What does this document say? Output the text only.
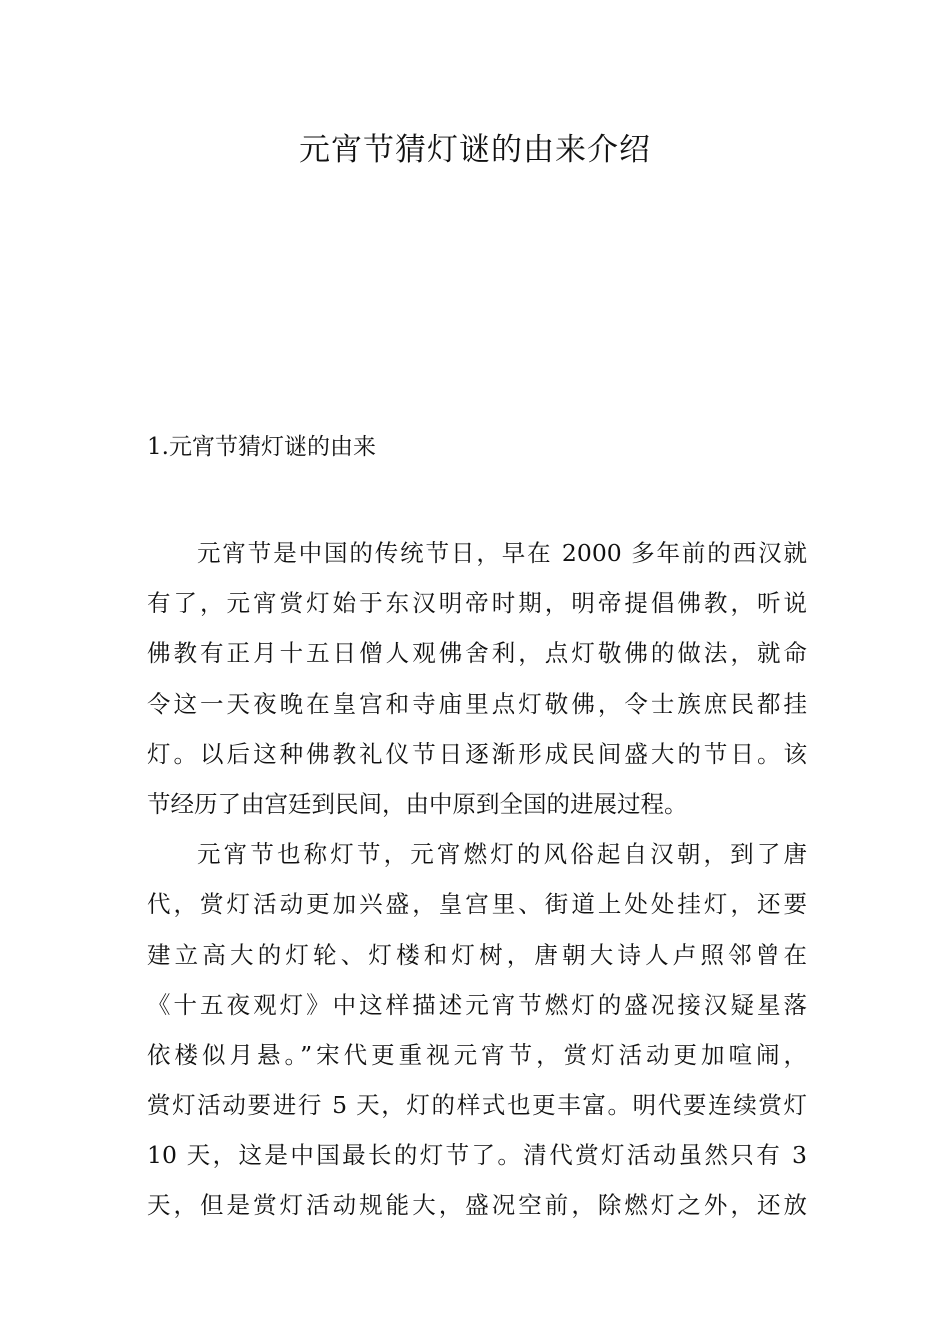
元宵节猜灯谜的由来介绍
1.元宵节猜灯谜的由来
元宵节是中国的传统节日，早在 2000 多年前的西汉就
有了，元宵赏灯始于东汉明帝时期，明帝提倡佛教，听说
佛教有正月十五日僧人观佛舍利，点灯敬佛的做法，就命
令这一天夜晚在皇宫和寺庙里点灯敬佛，令士族庶民都挂
灯。以后这种佛教礼仪节日逐渐形成民间盛大的节日。该
节经历了由宫廷到民间，由中原到全国的进展过程。
元宵节也称灯节，元宵燃灯的风俗起自汉朝，到了唐
代，赏灯活动更加兴盛，皇宫里、街道上处处挂灯，还要
建立高大的灯轮、灯楼和灯树，唐朝大诗人卢照邻曾在
《十五夜观灯》中这样描述元宵节燃灯的盛况接汉疑星落
依楼似月悬。”宋代更重视元宵节，赏灯活动更加喧闹，
赏灯活动要进行 5 天，灯的样式也更丰富。明代要连续赏灯
10 天，这是中国最长的灯节了。清代赏灯活动虽然只有 3
天，但是赏灯活动规能大，盛况空前，除燃灯之外，还放
